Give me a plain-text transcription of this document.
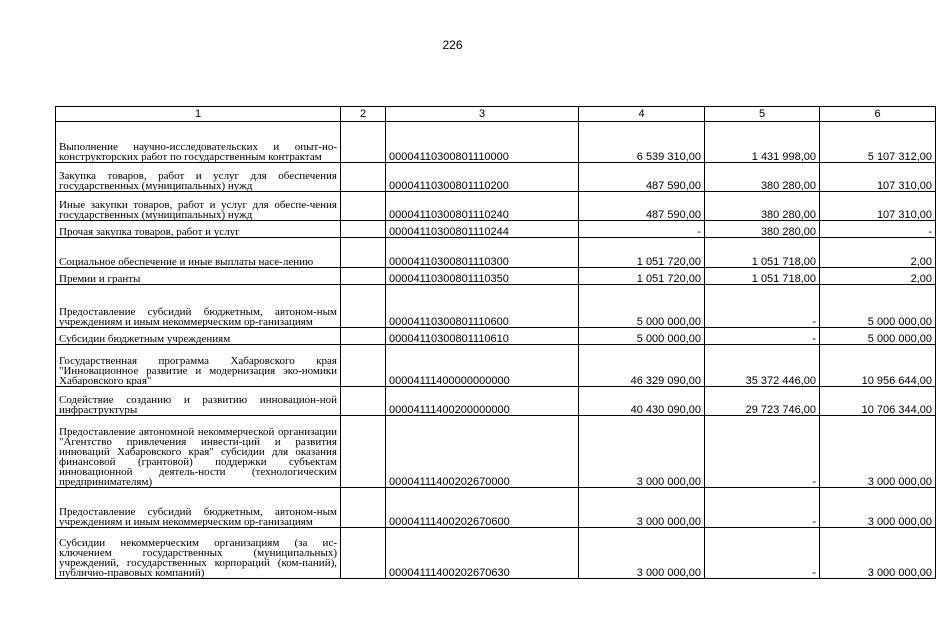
226
1	2	3	4	5	6
Выполнение научно-исследовательских и опыт-но-конструкторских работ по государственным контрактам		00004110300801110000	6 539 310,00	1 431 998,00	5 107 312,00
Закупка товаров, работ и услуг для обеспечения государственных (муниципальных) нужд		00004110300801110200	487 590,00	380 280,00	107 310,00
Иные закупки товаров, работ и услуг для обеспе-чения государственных (муниципальных) нужд		00004110300801110240	487 590,00	380 280,00	107 310,00
Прочая закупка товаров, работ и услуг		00004110300801110244	-	380 280,00	-
Социальное обеспечение и иные выплаты насе-лению		00004110300801110300	1 051 720,00	1 051 718,00	2,00
Премии и гранты		00004110300801110350	1 051 720,00	1 051 718,00	2,00
Предоставление субсидий бюджетным, автоном-ным учреждениям и иным некоммерческим ор-ганизациям		00004110300801110600	5 000 000,00	-	5 000 000,00
Субсидии бюджетным учреждениям		00004110300801110610	5 000 000,00	-	5 000 000,00
Государственная программа Хабаровского края "Инновационное развитие и модернизация эко-номики Хабаровского края"		00004111400000000000	46 329 090,00	35 372 446,00	10 956 644,00
Содействие созданию и развитию инновацион-ной инфраструктуры		00004111400200000000	40 430 090,00	29 723 746,00	10 706 344,00
Предоставление автономной некоммерческой организации "Агентство привлечения инвести-ций и развития инноваций Хабаровского края" субсидии для оказания финансовой (грантовой) поддержки субъектам инновационной деятель-ности (технологическим предпринимателям)		00004111400202670000	3 000 000,00	-	3 000 000,00
Предоставление субсидий бюджетным, автоном-ным учреждениям и иным некоммерческим ор-ганизациям		00004111400202670600	3 000 000,00	-	3 000 000,00
Субсидии некоммерческим организациям (за ис-ключением государственных (муниципальных) учреждений, государственных корпораций (ком-паний), публично-правовых компаний)		00004111400202670630	3 000 000,00	-	3 000 000,00
